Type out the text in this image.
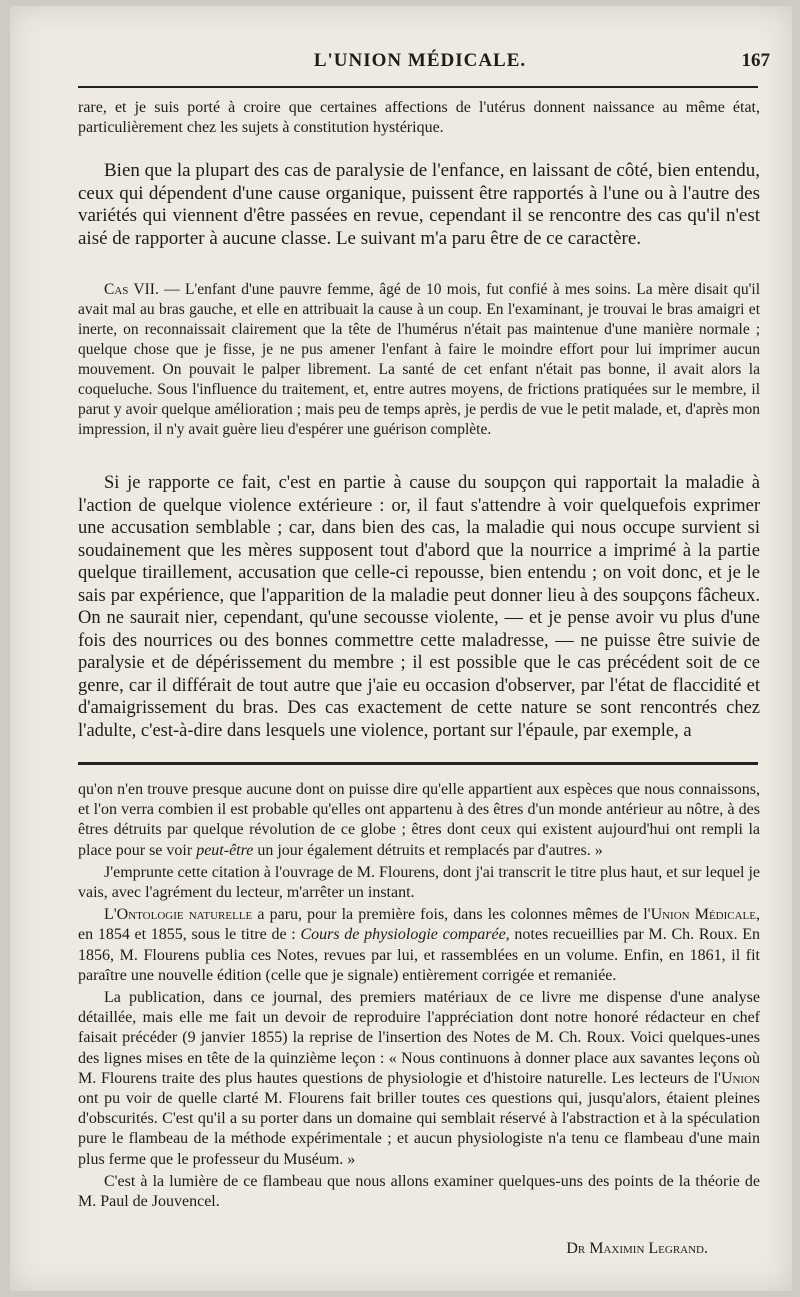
L'UNION MÉDICALE.	167

rare, et je suis porté à croire que certaines affections de l'utérus donnent naissance au même état, particulièrement chez les sujets à constitution hystérique.

Bien que la plupart des cas de paralysie de l'enfance, en laissant de côté, bien entendu, ceux qui dépendent d'une cause organique, puissent être rapportés à l'une ou à l'autre des variétés qui viennent d'être passées en revue, cependant il se rencontre des cas qu'il n'est aisé de rapporter à aucune classe. Le suivant m'a paru être de ce caractère.

Cas VII. — L'enfant d'une pauvre femme, âgé de 10 mois, fut confié à mes soins. La mère disait qu'il avait mal au bras gauche, et elle en attribuait la cause à un coup. En l'examinant, je trouvai le bras amaigri et inerte, on reconnaissait clairement que la tête de l'humérus n'était pas maintenue d'une manière normale ; quelque chose que je fisse, je ne pus amener l'enfant à faire le moindre effort pour lui imprimer aucun mouvement. On pouvait le palper librement. La santé de cet enfant n'était pas bonne, il avait alors la coqueluche. Sous l'influence du traitement, et, entre autres moyens, de frictions pratiquées sur le membre, il parut y avoir quelque amélioration ; mais peu de temps après, je perdis de vue le petit malade, et, d'après mon impression, il n'y avait guère lieu d'espérer une guérison complète.

Si je rapporte ce fait, c'est en partie à cause du soupçon qui rapportait la maladie à l'action de quelque violence extérieure : or, il faut s'attendre à voir quelquefois exprimer une accusation semblable ; car, dans bien des cas, la maladie qui nous occupe survient si soudainement que les mères supposent tout d'abord que la nourrice a imprimé à la partie quelque tiraillement, accusation que celle-ci repousse, bien entendu ; on voit donc, et je le sais par expérience, que l'apparition de la maladie peut donner lieu à des soupçons fâcheux. On ne saurait nier, cependant, qu'une secousse violente, — et je pense avoir vu plus d'une fois des nourrices ou des bonnes commettre cette maladresse, — ne puisse être suivie de paralysie et de dépérissement du membre ; il est possible que le cas précédent soit de ce genre, car il différait de tout autre que j'aie eu occasion d'observer, par l'état de flaccidité et d'amaigrissement du bras. Des cas exactement de cette nature se sont rencontrés chez l'adulte, c'est-à-dire dans lesquels une violence, portant sur l'épaule, par exemple, a

qu'on n'en trouve presque aucune dont on puisse dire qu'elle appartient aux espèces que nous connaissons, et l'on verra combien il est probable qu'elles ont appartenu à des êtres d'un monde antérieur au nôtre, à des êtres détruits par quelque révolution de ce globe ; êtres dont ceux qui existent aujourd'hui ont rempli la place pour se voir peut-être un jour également détruits et remplacés par d'autres. »

J'emprunte cette citation à l'ouvrage de M. Flourens, dont j'ai transcrit le titre plus haut, et sur lequel je vais, avec l'agrément du lecteur, m'arrêter un instant.

L'Ontologie naturelle a paru, pour la première fois, dans les colonnes mêmes de l'Union Médicale, en 1854 et 1855, sous le titre de : Cours de physiologie comparée, notes recueillies par M. Ch. Roux. En 1856, M. Flourens publia ces Notes, revues par lui, et rassemblées en un volume. Enfin, en 1861, il fit paraître une nouvelle édition (celle que je signale) entièrement corrigée et remaniée.

La publication, dans ce journal, des premiers matériaux de ce livre me dispense d'une analyse détaillée, mais elle me fait un devoir de reproduire l'appréciation dont notre honoré rédacteur en chef faisait précéder (9 janvier 1855) la reprise de l'insertion des Notes de M. Ch. Roux. Voici quelques-unes des lignes mises en tête de la quinzième leçon : « Nous continuons à donner place aux savantes leçons où M. Flourens traite des plus hautes questions de physiologie et d'histoire naturelle. Les lecteurs de l'Union ont pu voir de quelle clarté M. Flourens fait briller toutes ces questions qui, jusqu'alors, étaient pleines d'obscurités. C'est qu'il a su porter dans un domaine qui semblait réservé à l'abstraction et à la spéculation pure le flambeau de la méthode expérimentale ; et aucun physiologiste n'a tenu ce flambeau d'une main plus ferme que le professeur du Muséum. »

C'est à la lumière de ce flambeau que nous allons examiner quelques-uns des points de la théorie de M. Paul de Jouvencel.

Dr Maximin Legrand.
